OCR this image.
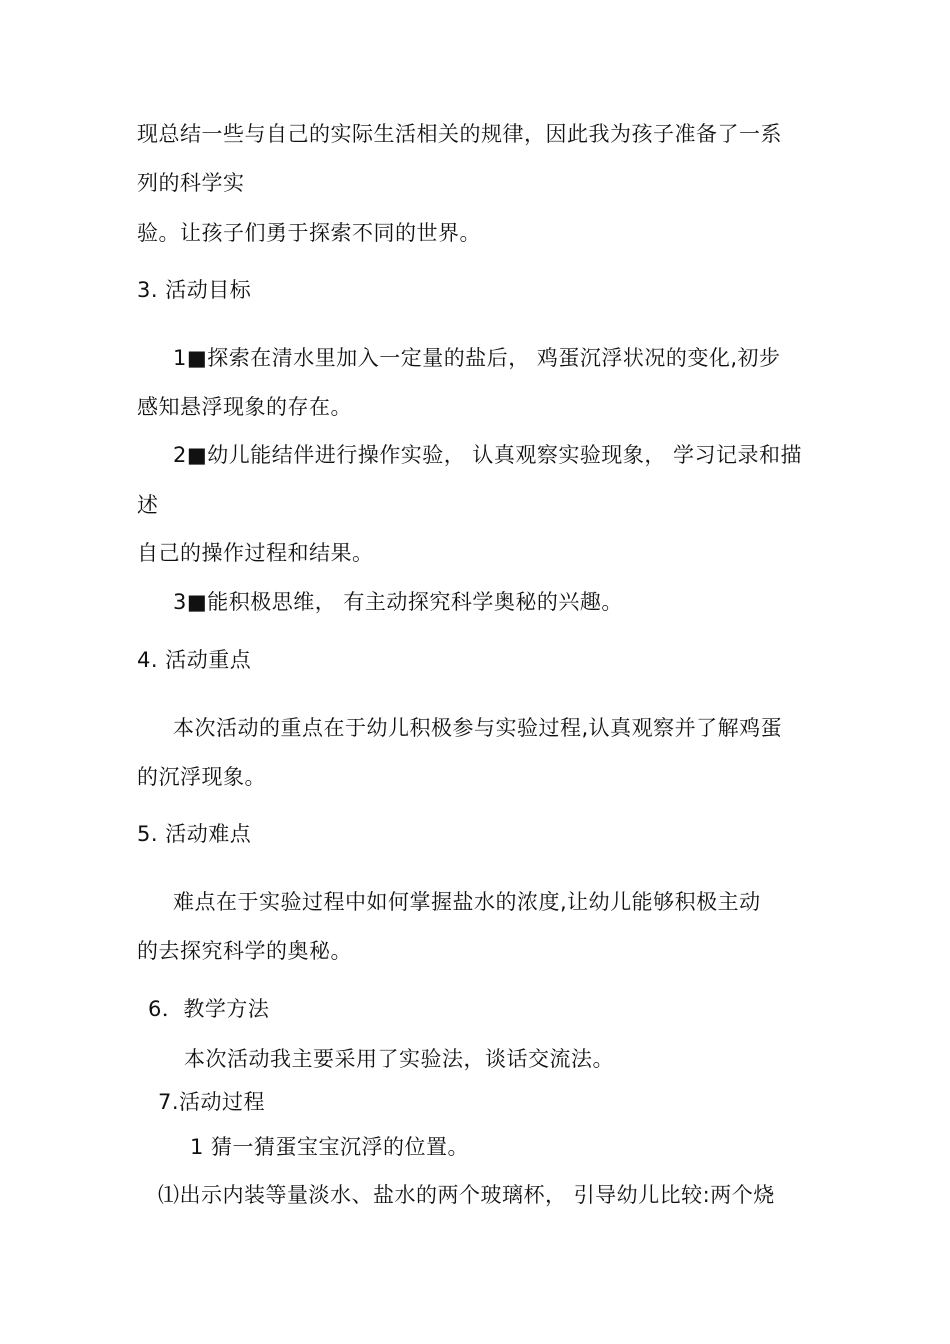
现总结一些与自己的实际生活相关的规律，因此我为孩子准备了一系
列的科学实
验。让孩子们勇于探索不同的世界。
3. 活动目标
1■探索在清水里加入一定量的盐后， 鸡蛋沉浮状况的变化,初步
感知悬浮现象的存在。
2■幼儿能结伴进行操作实验， 认真观察实验现象， 学习记录和描
述
自己的操作过程和结果。
3■能积极思维， 有主动探究科学奥秘的兴趣。
4. 活动重点
本次活动的重点在于幼儿积极参与实验过程,认真观察并了解鸡蛋
的沉浮现象。
5. 活动难点
难点在于实验过程中如何掌握盐水的浓度,让幼儿能够积极主动
的去探究科学的奥秘。
6．教学方法
本次活动我主要采用了实验法，谈话交流法。
7.活动过程
1 猜一猜蛋宝宝沉浮的位置。
⑴出示内装等量淡水、盐水的两个玻璃杯， 引导幼儿比较:两个烧
